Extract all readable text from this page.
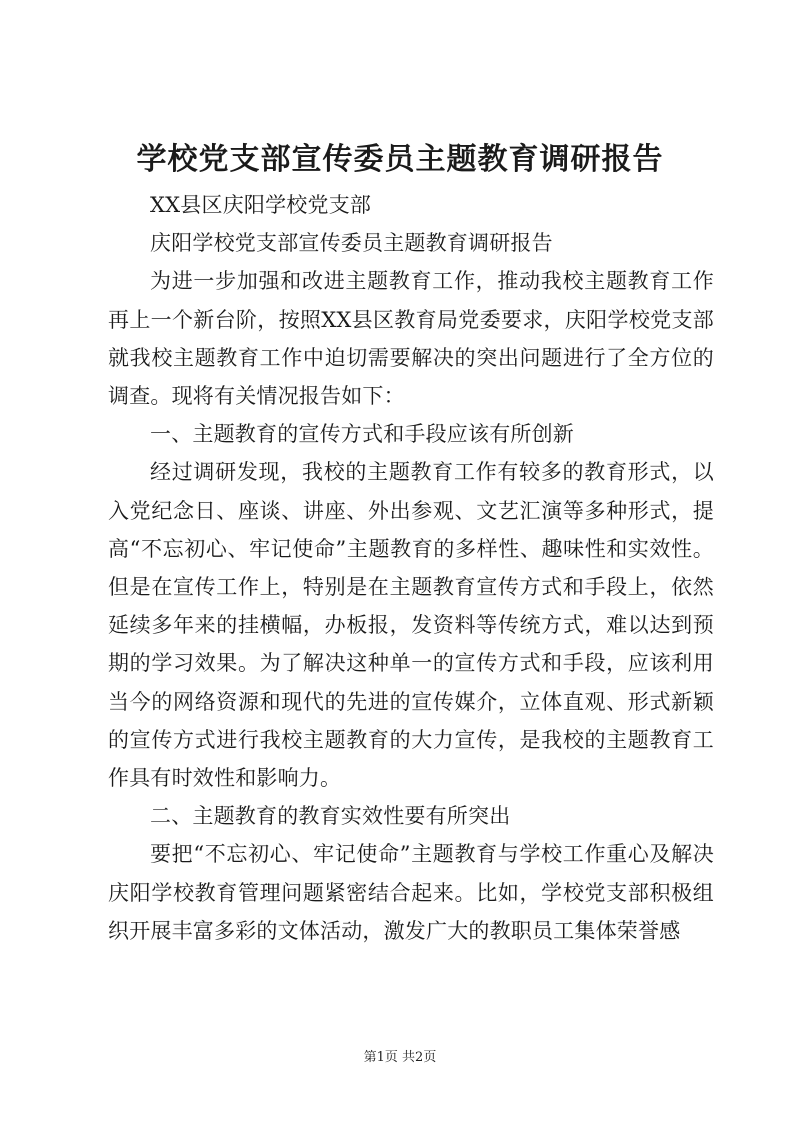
学校党支部宣传委员主题教育调研报告

XX县区庆阳学校党支部

庆阳学校党支部宣传委员主题教育调研报告

为进一步加强和改进主题教育工作，推动我校主题教育工作再上一个新台阶，按照XX县区教育局党委要求，庆阳学校党支部就我校主题教育工作中迫切需要解决的突出问题进行了全方位的调查。现将有关情况报告如下：

一、主题教育的宣传方式和手段应该有所创新

经过调研发现，我校的主题教育工作有较多的教育形式，以入党纪念日、座谈、讲座、外出参观、文艺汇演等多种形式，提高“不忘初心、牢记使命”主题教育的多样性、趣味性和实效性。但是在宣传工作上，特别是在主题教育宣传方式和手段上，依然延续多年来的挂横幅，办板报，发资料等传统方式，难以达到预期的学习效果。为了解决这种单一的宣传方式和手段，应该利用当今的网络资源和现代的先进的宣传媒介，立体直观、形式新颖的宣传方式进行我校主题教育的大力宣传，是我校的主题教育工作具有时效性和影响力。

二、主题教育的教育实效性要有所突出

要把“不忘初心、牢记使命”主题教育与学校工作重心及解决庆阳学校教育管理问题紧密结合起来。比如，学校党支部积极组织开展丰富多彩的文体活动，激发广大的教职员工集体荣誉感

第1页 共2页
